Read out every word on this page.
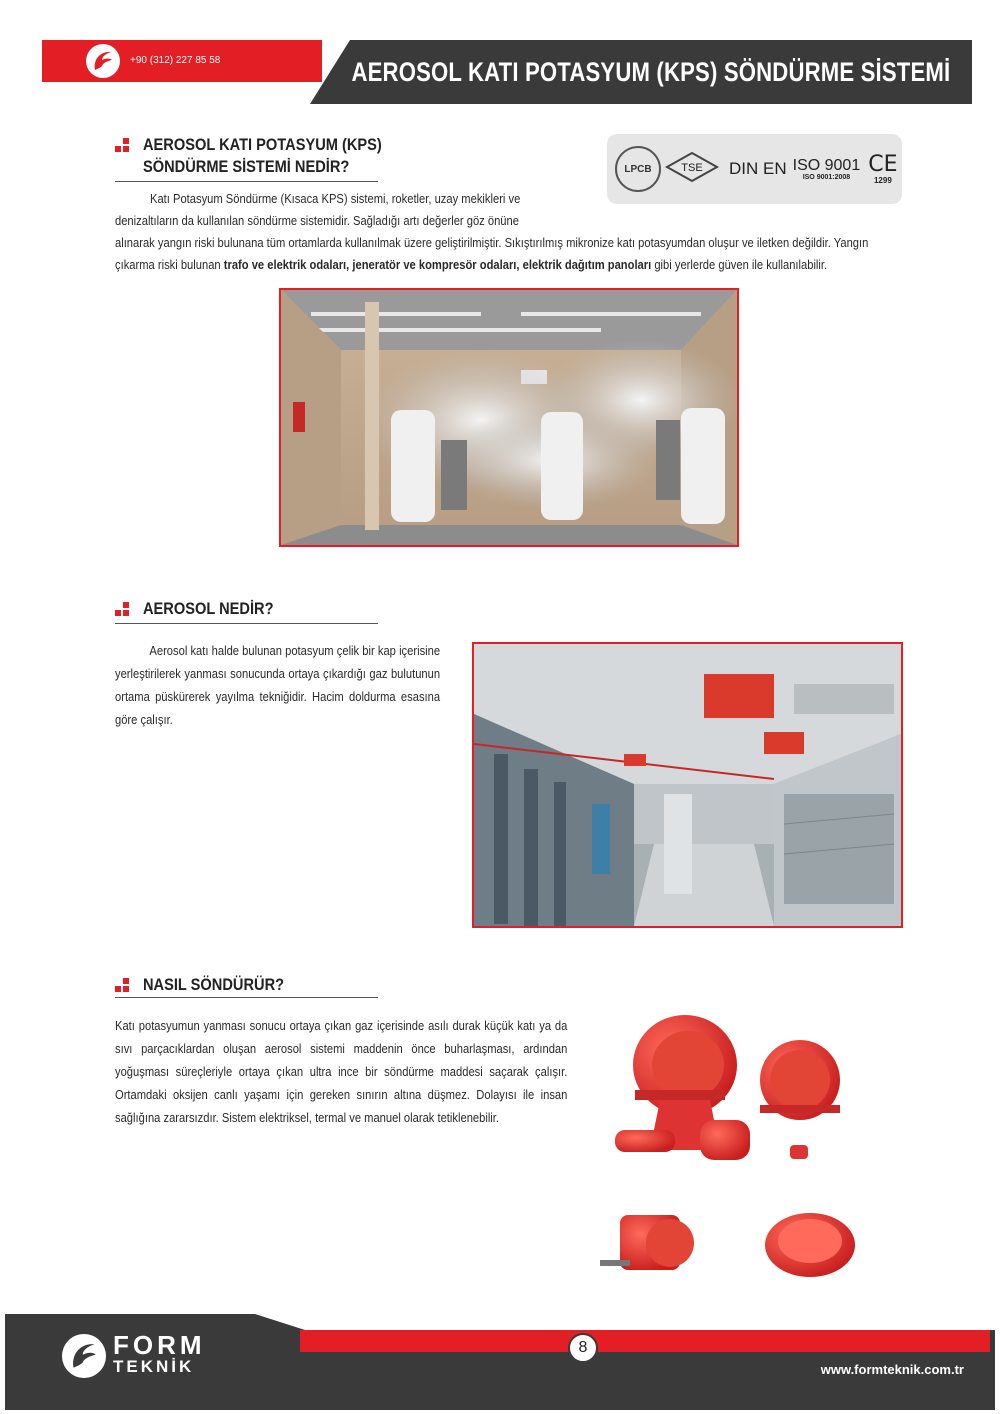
+90 (312) 227 85 58	AEROSOL KATI POTASYUM (KPS) SÖNDÜRME SİSTEMİ
LPCB	TSE DIN EN ISO 9001
ISO 9001:2008
CE
1299
AEROSOL KATI POTASYUM (KPS)
SÖNDÜRME SİSTEMİ NEDİR?
Katı Potasyum Söndürme (Kısaca KPS) sistemi, roketler, uzay mekikleri ve
denizaltıların da kullanılan söndürme sistemidir. Sağladığı artı değerler göz önüne
alınarak yangın riski bulunana tüm ortamlarda kullanılmak üzere geliştirilmiştir. Sıkıştırılmış mikronize katı potasyumdan oluşur ve iletken değildir. Yangın
çıkarma riski bulunan trafo ve elektrik odaları, jeneratör ve kompresör odaları, elektrik dağıtım panoları gibi yerlerde güven ile kullanılabilir.
AEROSOL NEDİR?
Aerosol katı halde bulunan potasyum çelik bir kap içerisine yerleştirilerek yanması sonucunda ortaya çıkardığı gaz bulutunun ortama püskürerek yayılma tekniğidir. Hacim doldurma esasına göre çalışır.
NASIL SÖNDÜRÜR?
Katı potasyumun yanması sonucu ortaya çıkan gaz içerisinde asılı durak küçük katı ya da sıvı parçacıklardan oluşan aerosol sistemi maddenin önce buharlaşması, ardından yoğuşması süreçleriyle ortaya çıkan ultra ince bir söndürme maddesi saçarak çalışır. Ortamdaki oksijen canlı yaşamı için gereken sınırın altına düşmez. Dolayısı ile insan sağlığına zararsızdır. Sistem elektriksel, termal ve manuel olarak tetiklenebilir.
FORM
TEKNİK
8
www.formteknik.com.tr
